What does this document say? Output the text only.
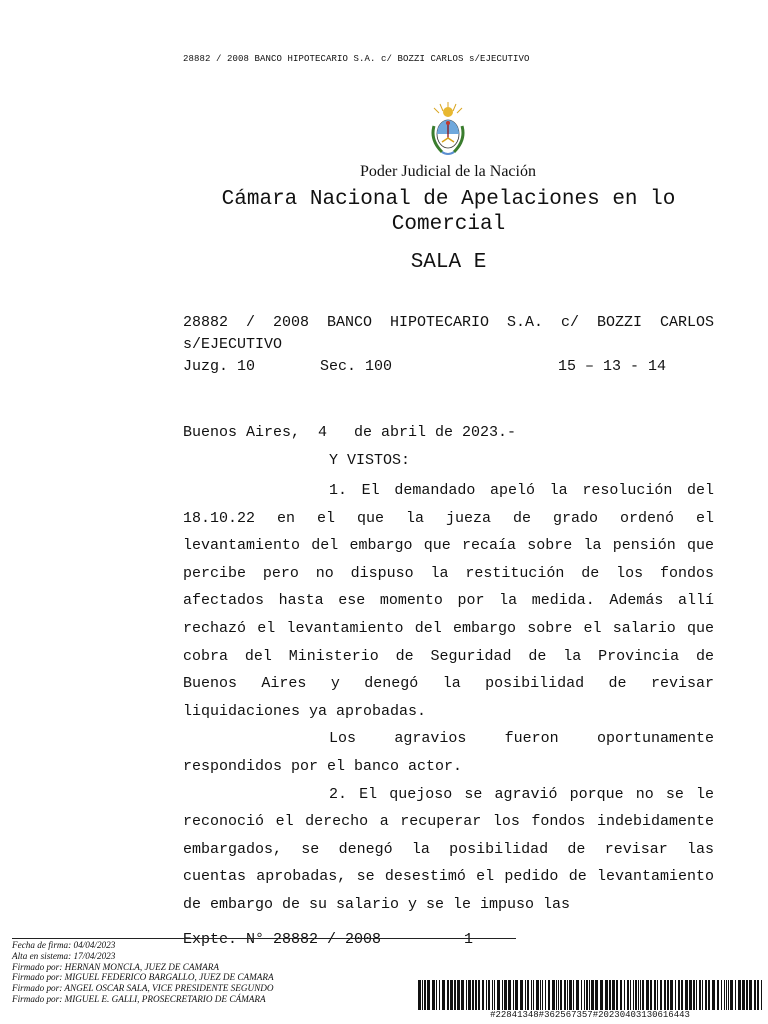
28882 / 2008 BANCO HIPOTECARIO S.A. c/ BOZZI CARLOS s/EJECUTIVO
Poder Judicial de la Nación
Cámara Nacional de Apelaciones en lo Comercial
SALA E
28882 / 2008 BANCO HIPOTECARIO S.A. c/ BOZZI CARLOS s/EJECUTIVO
Juzg. 10	Sec. 100	15 – 13 - 14
Buenos Aires,  4   de abril de 2023.-
Y VISTOS:

1. El demandado apeló la resolución del 18.10.22 en el que la jueza de grado ordenó el levantamiento del embargo que recaía sobre la pensión que percibe pero no dispuso la restitución de los fondos afectados hasta ese momento por la medida. Además allí rechazó el levantamiento del embargo sobre el salario que cobra del Ministerio de Seguridad de la Provincia de Buenos Aires y denegó la posibilidad de revisar liquidaciones ya aprobadas.

Los agravios fueron oportunamente respondidos por el banco actor.

2. El quejoso se agravió porque no se le reconoció el derecho a recuperar los fondos indebidamente embargados, se denegó la posibilidad de revisar las cuentas aprobadas, se desestimó el pedido de levantamiento de embargo de su salario y se le impuso las

Expte. N° 28882 / 2008	1
Fecha de firma: 04/04/2023
Alta en sistema: 17/04/2023
Firmado por: HERNAN MONCLA, JUEZ DE CAMARA
Firmado por: MIGUEL FEDERICO BARGALLO, JUEZ DE CAMARA
Firmado por: ANGEL OSCAR SALA, VICE PRESIDENTE SEGUNDO
Firmado por: MIGUEL E. GALLI, PROSECRETARIO DE CÁMARA
#22841348#362567357#20230403130616443
